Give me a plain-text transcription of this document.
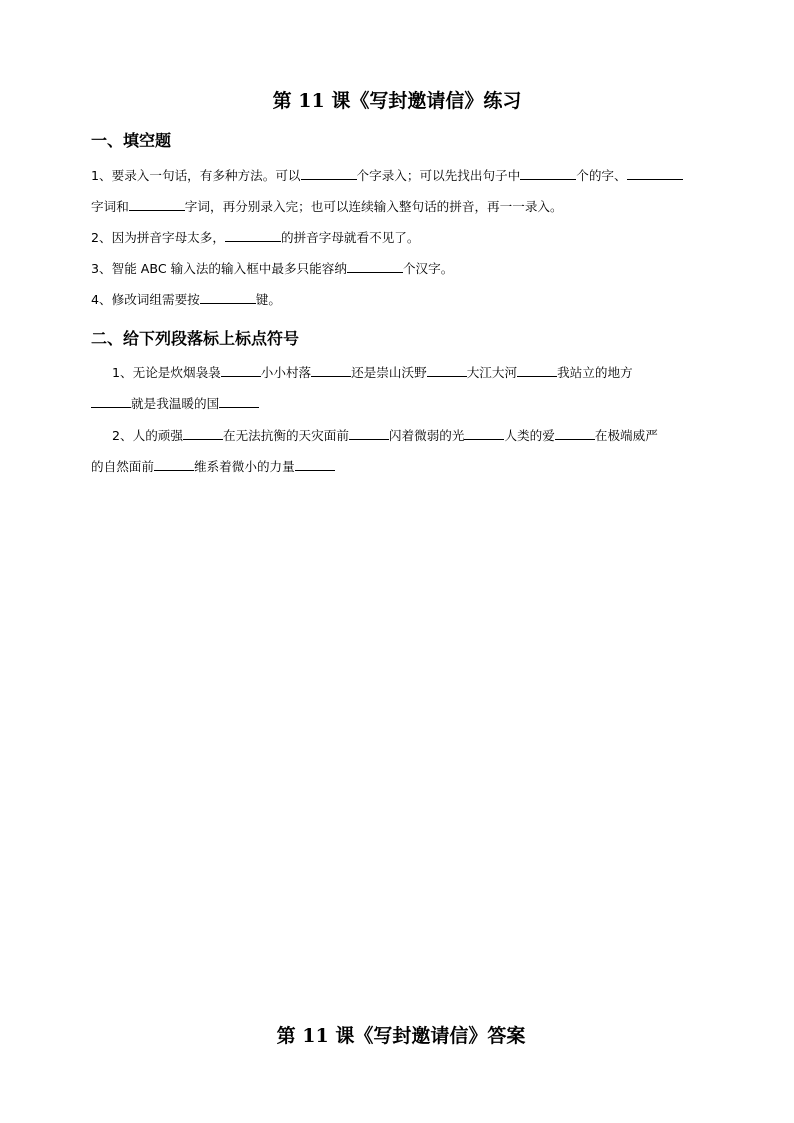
第 11 课《写封邀请信》练习
一、填空题
1、要录入一句话，有多种方法。可以	个字录入；可以先找出句子中	个的字、
字词和	字词，再分别录入完；也可以连续输入整句话的拼音，再一一录入。
2、因为拼音字母太多，	的拼音字母就看不见了。
3、智能 ABC 输入法的输入框中最多只能容纳	个汉字。
4、修改词组需要按	键。
二、给下列段落标上标点符号
1、无论是炊烟袅袅	小小村落	还是崇山沃野	大江大河	我站立的地方
就是我温暖的国
2、人的顽强	在无法抗衡的天灾面前	闪着微弱的光	人类的爱	在极端威严
的自然面前	维系着微小的力量
第 11 课《写封邀请信》答案
